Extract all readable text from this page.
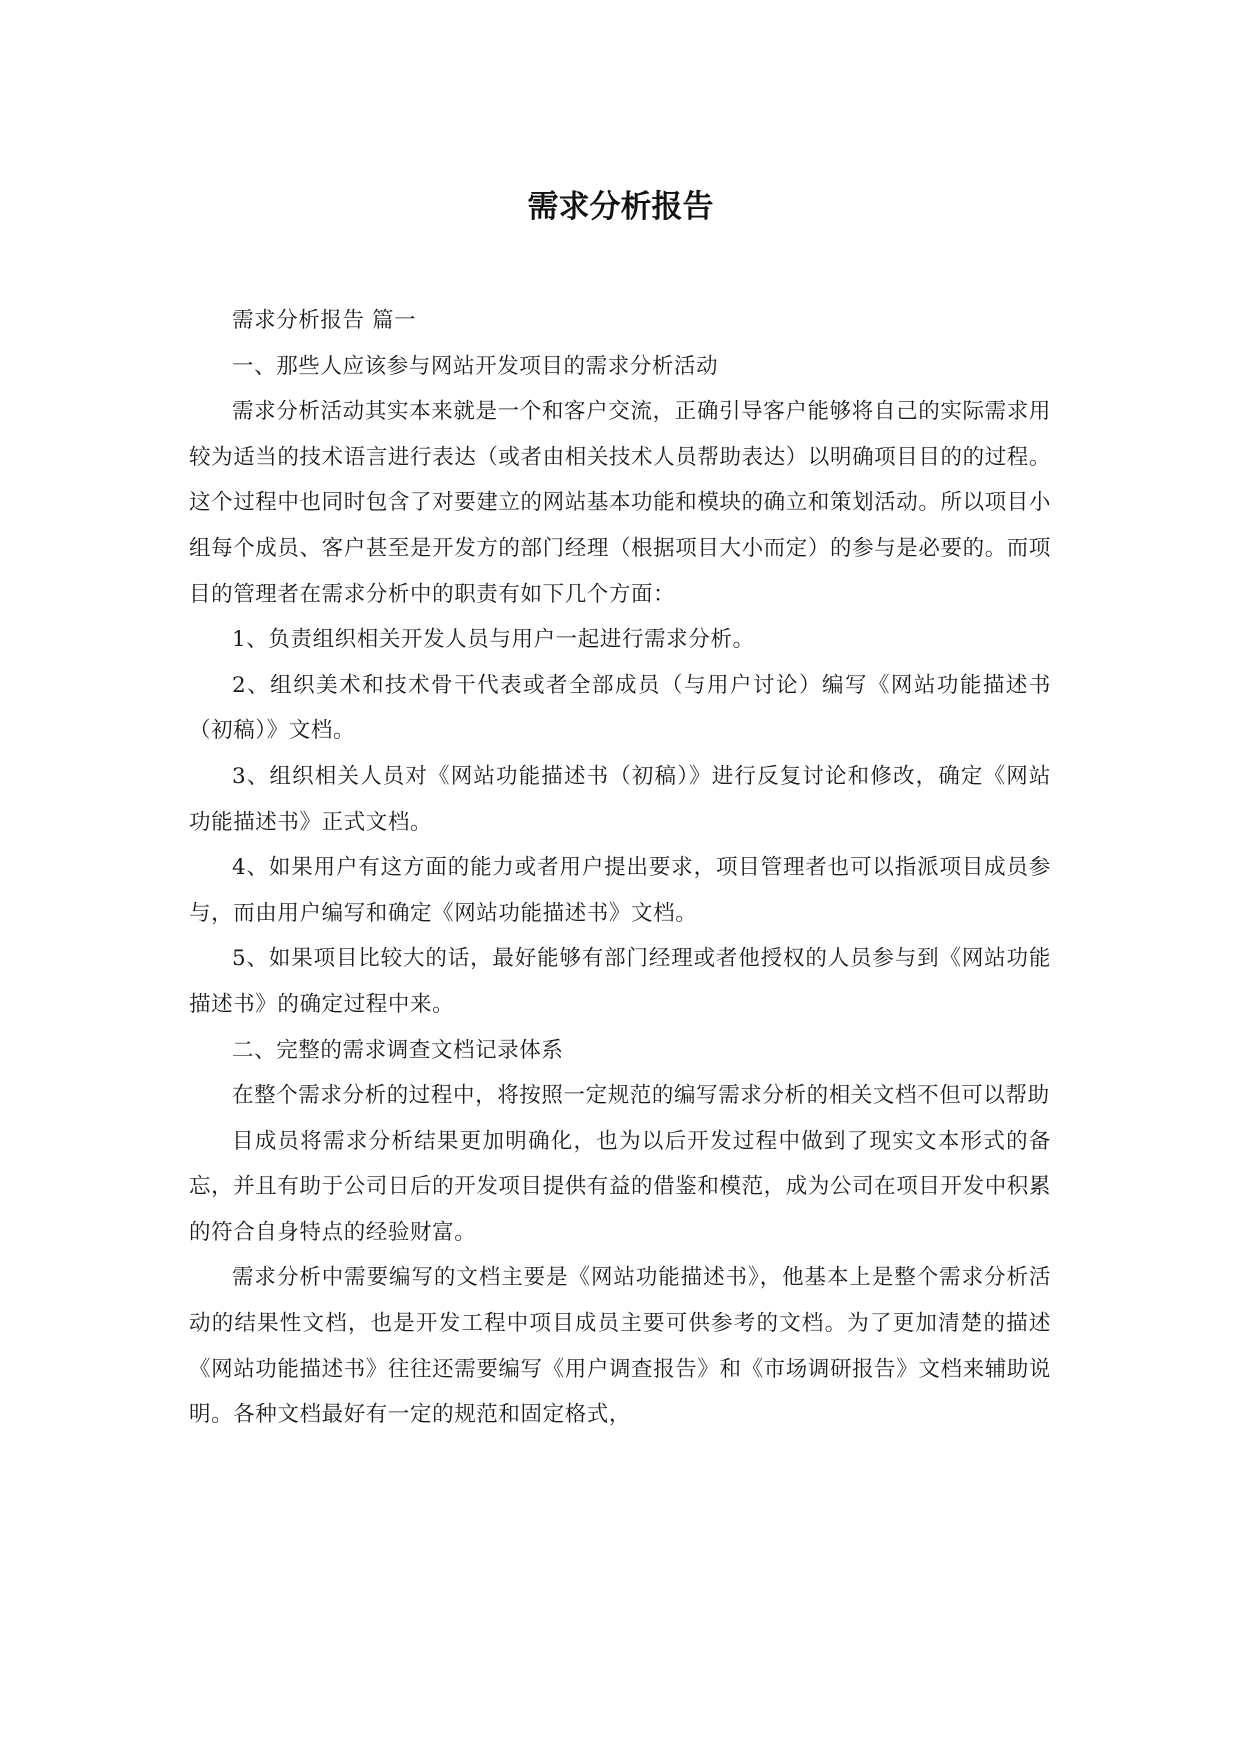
需求分析报告

需求分析报告 篇一

一、那些人应该参与网站开发项目的需求分析活动

需求分析活动其实本来就是一个和客户交流，正确引导客户能够将自己的实际需求用较为适当的技术语言进行表达（或者由相关技术人员帮助表达）以明确项目目的的过程。这个过程中也同时包含了对要建立的网站基本功能和模块的确立和策划活动。所以项目小组每个成员、客户甚至是开发方的部门经理（根据项目大小而定）的参与是必要的。而项目的管理者在需求分析中的职责有如下几个方面：

1、负责组织相关开发人员与用户一起进行需求分析。

2、组织美术和技术骨干代表或者全部成员（与用户讨论）编写《网站功能描述书（初稿）》文档。

3、组织相关人员对《网站功能描述书（初稿）》进行反复讨论和修改，确定《网站功能描述书》正式文档。

4、如果用户有这方面的能力或者用户提出要求，项目管理者也可以指派项目成员参与，而由用户编写和确定《网站功能描述书》文档。

5、如果项目比较大的话，最好能够有部门经理或者他授权的人员参与到《网站功能描述书》的确定过程中来。

二、完整的需求调查文档记录体系

在整个需求分析的过程中，将按照一定规范的编写需求分析的相关文档不但可以帮助

目成员将需求分析结果更加明确化，也为以后开发过程中做到了现实文本形式的备忘，并且有助于公司日后的开发项目提供有益的借鉴和模范，成为公司在项目开发中积累的符合自身特点的经验财富。

需求分析中需要编写的文档主要是《网站功能描述书》，他基本上是整个需求分析活动的结果性文档，也是开发工程中项目成员主要可供参考的文档。为了更加清楚的描述《网站功能描述书》往往还需要编写《用户调查报告》和《市场调研报告》文档来辅助说明。各种文档最好有一定的规范和固定格式，
